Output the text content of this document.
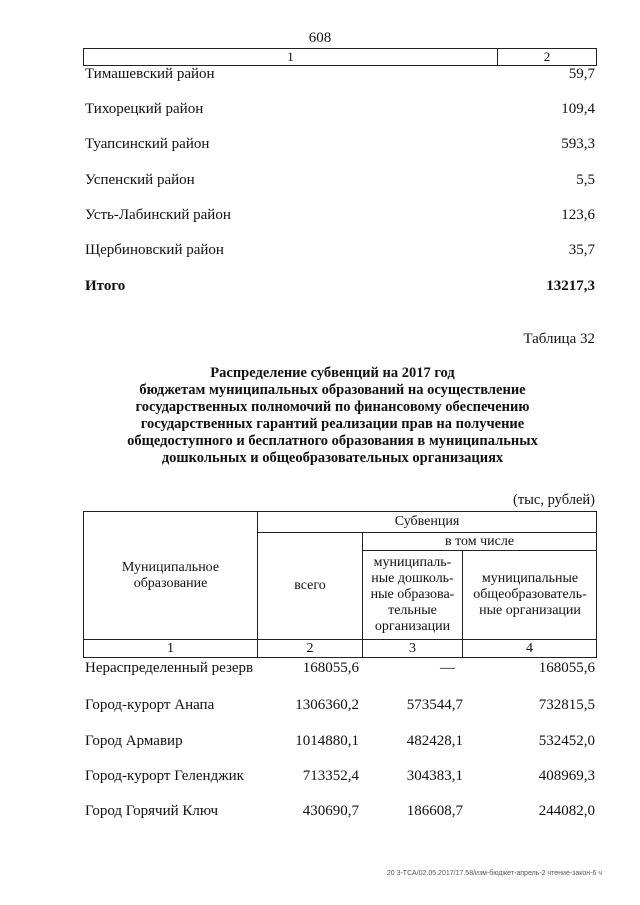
608
1	2
Тимашевский район	59,7
Тихорецкий район	109,4
Туапсинский район	593,3
Успенский район	5,5
Усть-Лабинский район	123,6
Щербиновский район	35,7
Итого	13217,3
Таблица 32
Распределение субвенций на 2017 год
бюджетам муниципальных образований на осуществление
государственных полномочий по финансовому обеспечению
государственных гарантий реализации прав на получение
общедоступного и бесплатного образования в муниципальных
дошкольных и общеобразовательных организациях
(тыс, рублей)
Муниципальное образование
Субвенция
всего
в том числе
муниципаль-ные дошколь-ные образова-тельные организации
муниципальные общеобразователь-ные организации
1	2	3	4
Нераспределенный резерв	168055,6	—	168055,6
Город-курорт Анапа	1306360,2	573544,7	732815,5
Город Армавир	1014880,1	482428,1	532452,0
Город-курорт Геленджик	713352,4	304383,1	408969,3
Город Горячий Ключ	430690,7	186608,7	244082,0
20 3-ТСА/02.05.2017/17.58/изм-бюджет-апрель-2 чтение-закон-6 ч
